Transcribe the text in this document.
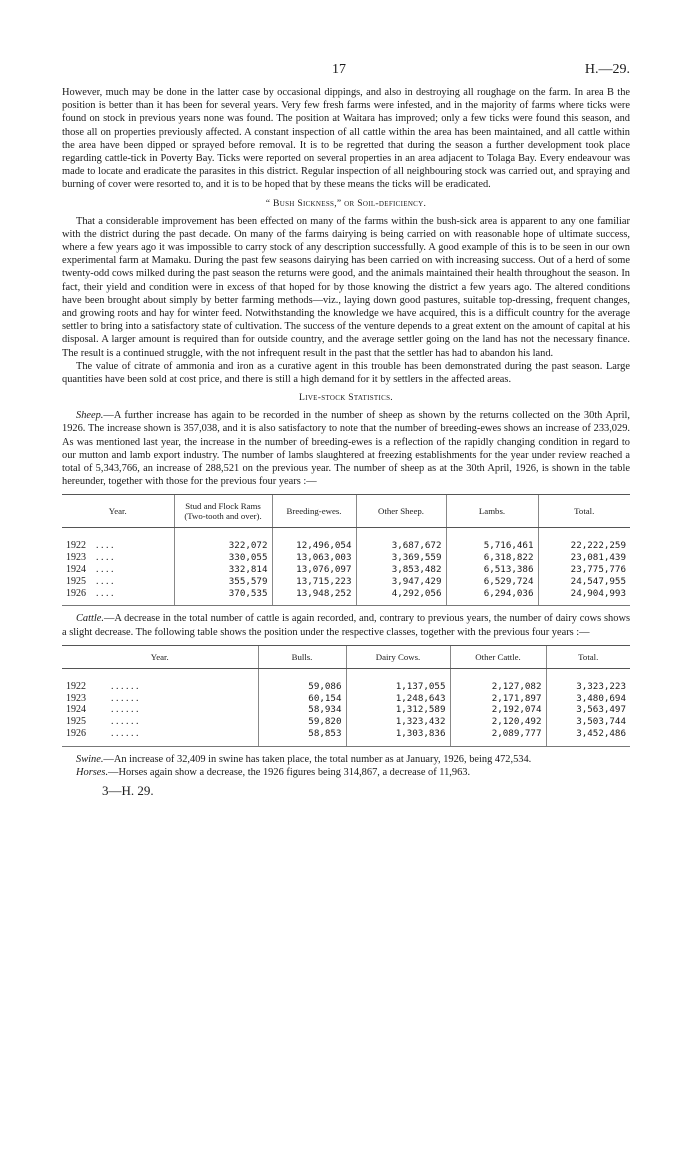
17	H.—29.

However, much may be done in the latter case by occasional dippings, and also in destroying all roughage on the farm. In area B the position is better than it has been for several years. Very few fresh farms were infested, and in the majority of farms where ticks were found on stock in previous years none was found. The position at Waitara has improved; only a few ticks were found this season, and those all on properties previously affected. A constant inspection of all cattle within the area has been maintained, and all cattle within the area have been dipped or sprayed before removal. It is to be regretted that during the season a further development took place regarding cattle-tick in Poverty Bay. Ticks were reported on several properties in an area adjacent to Tolaga Bay. Every endeavour was made to locate and eradicate the parasites in this district. Regular inspection of all neighbouring stock was carried out, and spraying and burning of cover were resorted to, and it is to be hoped that by these means the ticks will be eradicated.

“ Bush Sickness,” or Soil-deficiency.

That a considerable improvement has been effected on many of the farms within the bush-sick area is apparent to any one familiar with the district during the past decade. On many of the farms dairying is being carried on with reasonable hope of ultimate success, where a few years ago it was impossible to carry stock of any description successfully. A good example of this is to be seen in our own experimental farm at Mamaku. During the past few seasons dairying has been carried on with increasing success. Out of a herd of some twenty-odd cows milked during the past season the returns were good, and the animals maintained their health throughout the season. In fact, their yield and condition were in excess of that hoped for by those knowing the district a few years ago. The altered conditions have been brought about simply by better farming methods—viz., laying down good pastures, suitable top-dressing, frequent changes, and growing roots and hay for winter feed. Notwithstanding the knowledge we have acquired, this is a difficult country for the average settler to bring into a satisfactory state of cultivation. The success of the venture depends to a great extent on the amount of capital at his disposal. A larger amount is required than for outside country, and the average settler going on the land has not the necessary finance. The result is a continued struggle, with the not infrequent result in the past that the settler has had to abandon his land.

The value of citrate of ammonia and iron as a curative agent in this trouble has been demonstrated during the past season. Large quantities have been sold at cost price, and there is still a high demand for it by settlers in the affected areas.

Live-stock Statistics.

Sheep.—A further increase has again to be recorded in the number of sheep as shown by the returns collected on the 30th April, 1926. The increase shown is 357,038, and it is also satisfactory to note that the number of breeding-ewes shows an increase of 233,029. As was mentioned last year, the increase in the number of breeding-ewes is a reflection of the rapidly changing condition in regard to our mutton and lamb export industry. The number of lambs slaughtered at freezing establishments for the year under review reached a total of 5,343,766, an increase of 288,521 on the previous year. The number of sheep as at the 30th April, 1926, is shown in the table hereunder, together with those for the previous four years :—

Year.	Stud and Flock Rams (Two-tooth and over).	Breeding-ewes.	Other Sheep.	Lambs.	Total.
1922 . . . .	322,072	12,496,054	3,687,672	5,716,461	22,222,259
1923 . . . .	330,055	13,063,003	3,369,559	6,318,822	23,081,439
1924 . . . .	332,814	13,076,097	3,853,482	6,513,386	23,775,776
1925 . . . .	355,579	13,715,223	3,947,429	6,529,724	24,547,955
1926 . . . .	370,535	13,948,252	4,292,056	6,294,036	24,904,993

Cattle.—A decrease in the total number of cattle is again recorded, and, contrary to previous years, the number of dairy cows shows a slight decrease. The following table shows the position under the respective classes, together with the previous four years :—

Year.	Bulls.	Dairy Cows.	Other Cattle.	Total.
1922 . . . . . .	59,086	1,137,055	2,127,082	3,323,223
1923 . . . . . .	60,154	1,248,643	2,171,897	3,480,694
1924 . . . . . .	58,934	1,312,589	2,192,074	3,563,497
1925 . . . . . .	59,820	1,323,432	2,120,492	3,503,744
1926 . . . . . .	58,853	1,303,836	2,089,777	3,452,486

Swine.—An increase of 32,409 in swine has taken place, the total number as at January, 1926, being 472,534.

Horses.—Horses again show a decrease, the 1926 figures being 314,867, a decrease of 11,963.

3—H. 29.
